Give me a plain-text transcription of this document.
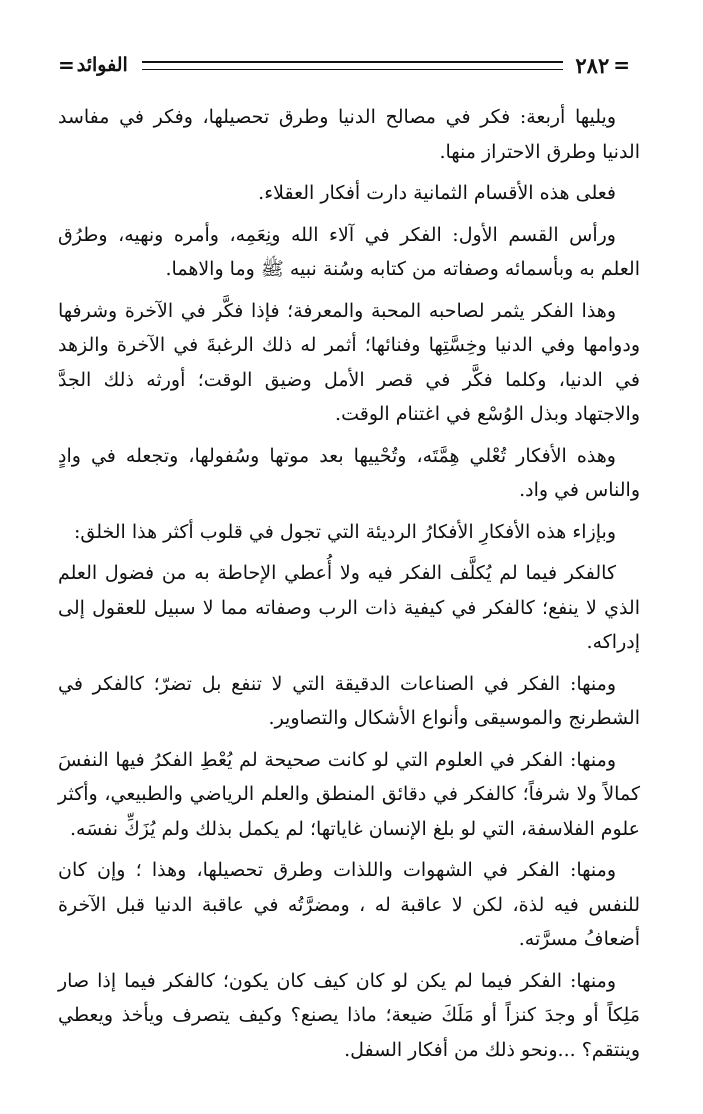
= الفوائد	٢٨٢ =

ويليها أربعة: فكر في مصالح الدنيا وطرق تحصيلها، وفكر في مفاسد الدنيا وطرق الاحتراز منها.

فعلى هذه الأقسام الثمانية دارت أفكار العقلاء.

ورأس القسم الأول: الفكر في آلاء الله ونِعَمِه، وأمره ونهيه، وطرُق العلم به وبأسمائه وصفاته من كتابه وسُنة نبيه ﷺ وما والاهما.

وهذا الفكر يثمر لصاحبه المحبة والمعرفة؛ فإذا فكَّر في الآخرة وشرفها ودوامها وفي الدنيا وخِسَّتِها وفنائها؛ أثمر له ذلك الرغبةَ في الآخرة والزهد في الدنيا، وكلما فكَّر في قصر الأمل وضيق الوقت؛ أورثه ذلك الجدَّ والاجتهاد وبذل الوُسْع في اغتنام الوقت.

وهذه الأفكار تُعْلي هِمَّتَه، وتُحْييها بعد موتها وسُفولها، وتجعله في وادٍ والناس في واد.

وبإزاء هذه الأفكارِ الأفكارُ الرديئة التي تجول في قلوب أكثر هذا الخلق:

كالفكر فيما لم يُكلَّف الفكر فيه ولا أُعطي الإحاطة به من فضول العلم الذي لا ينفع؛ كالفكر في كيفية ذات الرب وصفاته مما لا سبيل للعقول إلى إدراكه.

ومنها: الفكر في الصناعات الدقيقة التي لا تنفع بل تضرّ؛ كالفكر في الشطرنج والموسيقى وأنواع الأشكال والتصاوير.

ومنها: الفكر في العلوم التي لو كانت صحيحة لم يُعْطِ الفكرُ فيها النفسَ كمالاً ولا شرفاً؛ كالفكر في دقائق المنطق والعلم الرياضي والطبيعي، وأكثر علوم الفلاسفة، التي لو بلغ الإنسان غاياتها؛ لم يكمل بذلك ولم يُزَكِّ نفسَه.

ومنها: الفكر في الشهوات واللذات وطرق تحصيلها، وهذا ؛ وإن كان للنفس فيه لذة، لكن لا عاقبة له ، ومضرَّتُه في عاقبة الدنيا قبل الآخرة أضعافُ مسرَّته.

ومنها: الفكر فيما لم يكن لو كان كيف كان يكون؛ كالفكر فيما إذا صار مَلِكاً أو وجدَ كنزاً أو مَلَكَ ضيعة؛ ماذا يصنع؟ وكيف يتصرف ويأخذ ويعطي وينتقم؟ ...ونحو ذلك من أفكار السفل.
